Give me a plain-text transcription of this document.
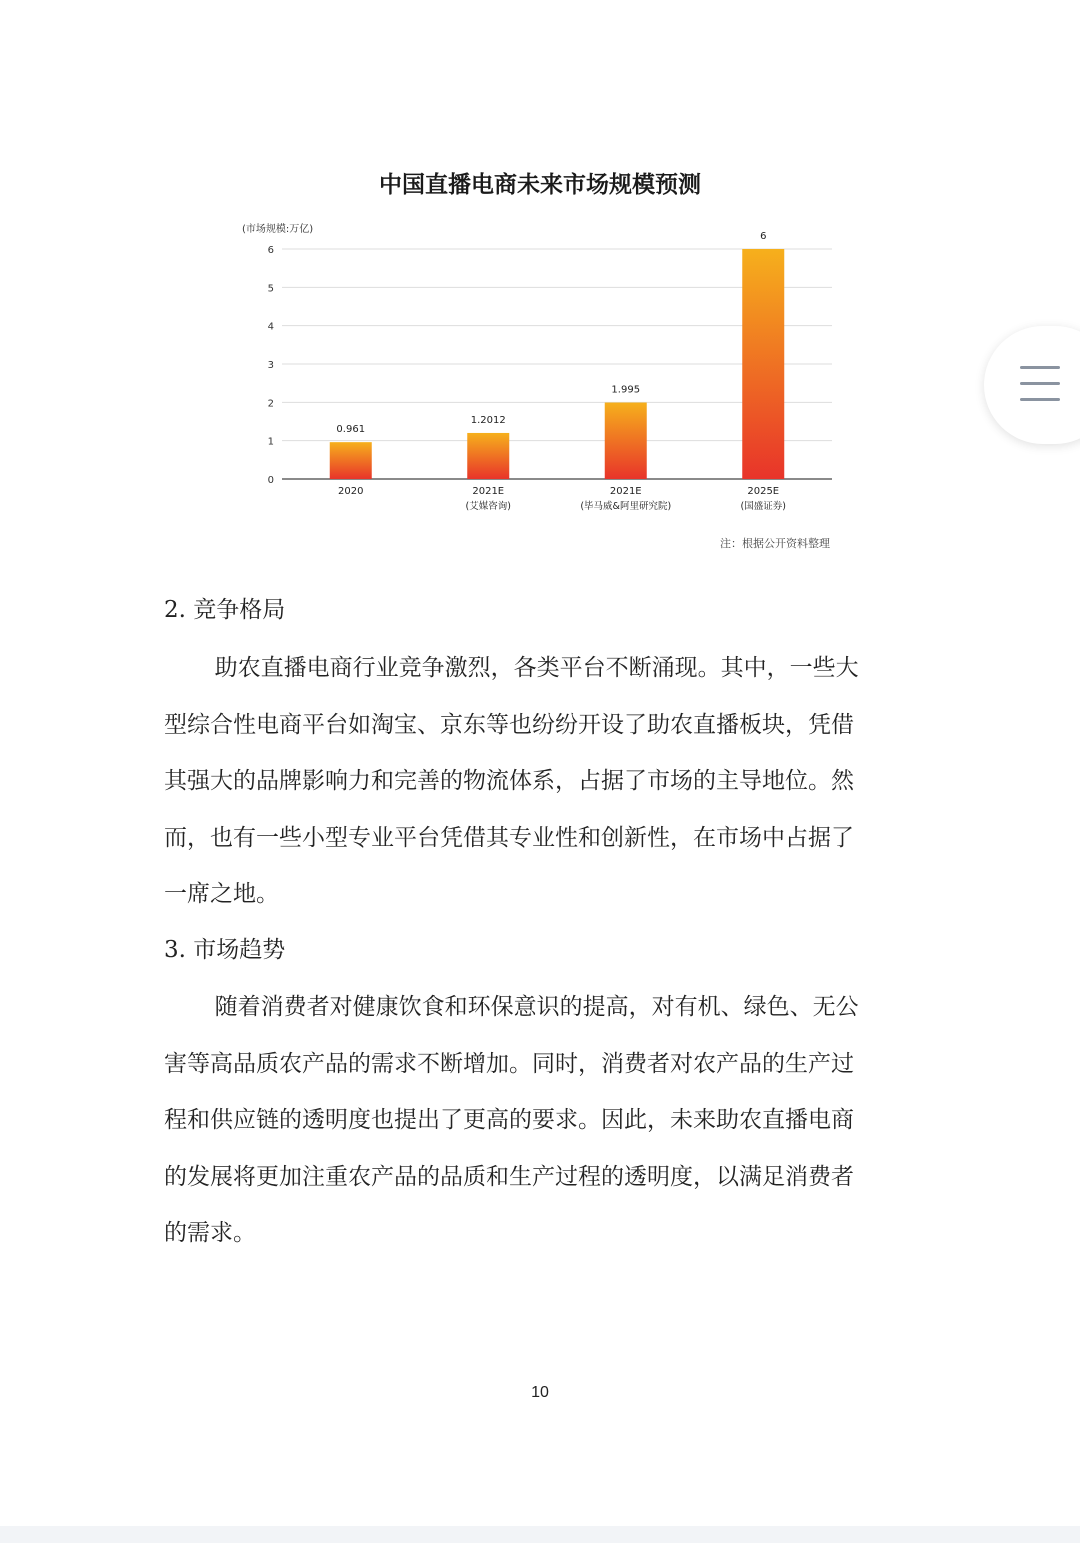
中国直播电商未来市场规模预测
(市场规模:万亿)
0
1
2
3
4
5
6
0.961
2020
1.2012
2021E
(艾媒咨询)
1.995
2021E
(毕马威&阿里研究院)
6
2025E
(国盛证券)
注：根据公开资料整理
2. 竞争格局
助农直播电商行业竞争激烈，各类平台不断涌现。其中，一些大
型综合性电商平台如淘宝、京东等也纷纷开设了助农直播板块，凭借
其强大的品牌影响力和完善的物流体系，占据了市场的主导地位。然
而，也有一些小型专业平台凭借其专业性和创新性，在市场中占据了
一席之地。
3. 市场趋势
随着消费者对健康饮食和环保意识的提高，对有机、绿色、无公
害等高品质农产品的需求不断增加。同时，消费者对农产品的生产过
程和供应链的透明度也提出了更高的要求。因此，未来助农直播电商
的发展将更加注重农产品的品质和生产过程的透明度，以满足消费者
的需求。
10
